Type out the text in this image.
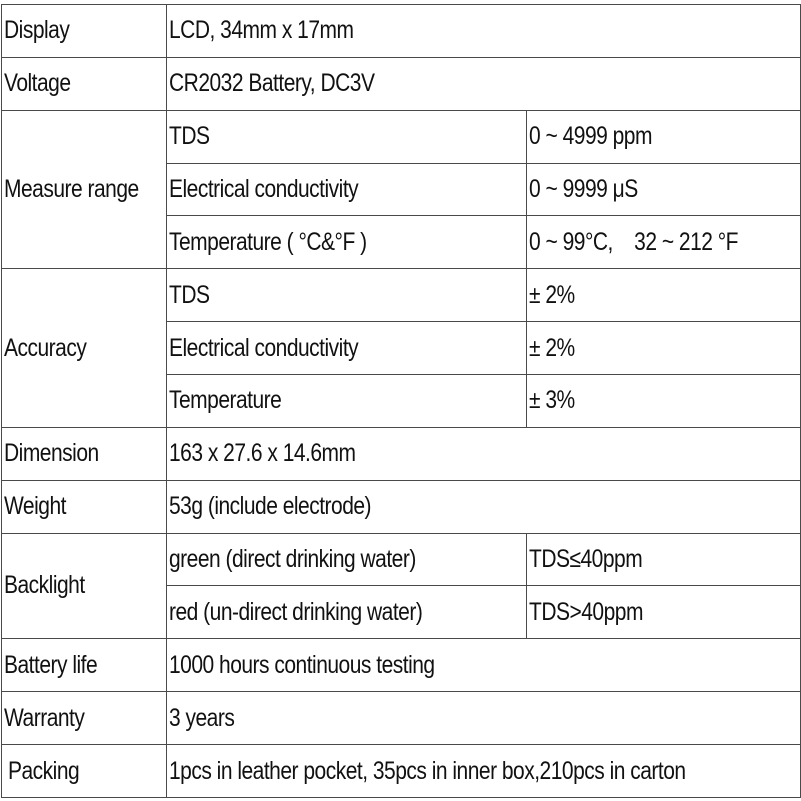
Display	LCD, 34mm x 17mm	
Voltage	CR2032 Battery, DC3V	
Measure range	TDS	0 ~ 4999 ppm
	Electrical conductivity	0 ~ 9999 μS
	Temperature ( °C&°F )	0 ~ 99°C,    32 ~ 212 °F
Accuracy	TDS	± 2%
	Electrical conductivity	± 2%
	Temperature	± 3%
Dimension	163 x 27.6 x 14.6mm	
Weight	53g (include electrode)	
Backlight	green (direct drinking water)	TDS≤40ppm
	red (un-direct drinking water)	TDS>40ppm
Battery life	1000 hours continuous testing	
Warranty	3 years	
Packing	1pcs in leather pocket, 35pcs in inner box,210pcs in carton	
